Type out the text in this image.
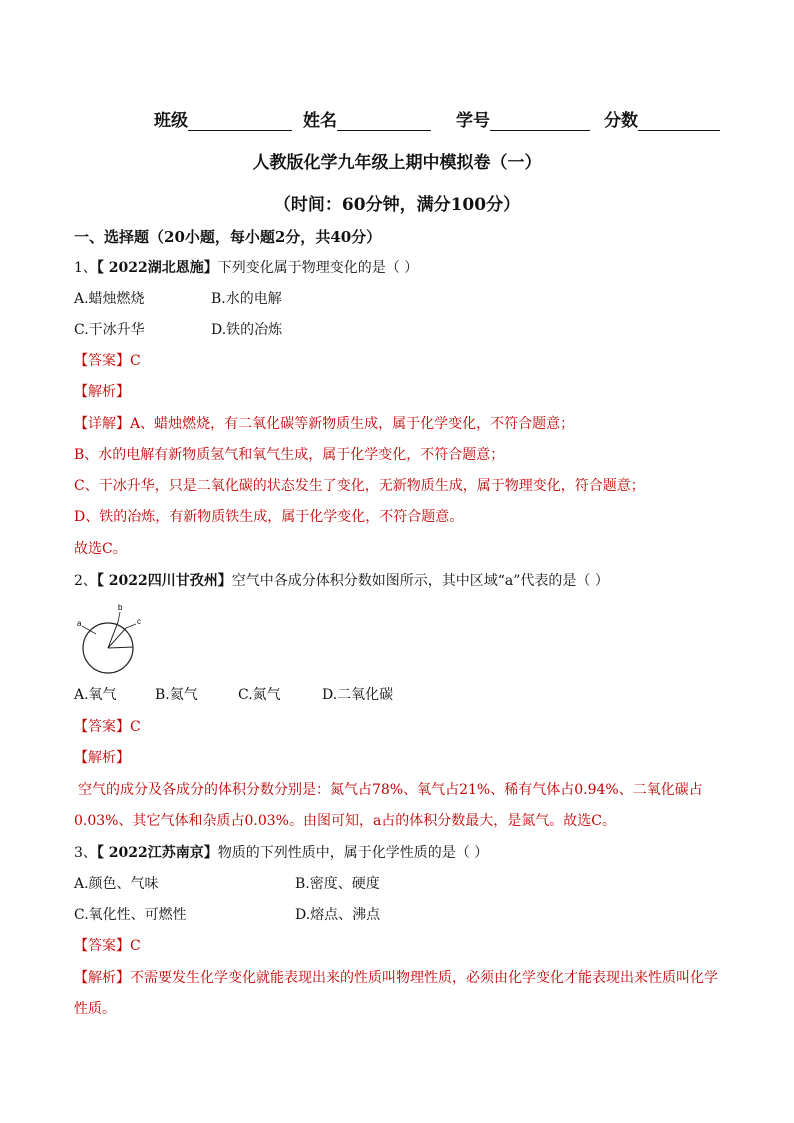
班级	姓名	学号	分数
人教版化学九年级上期中模拟卷（一）
（时间：60分钟，满分100分）
一、选择题（20小题，每小题2分，共40分）
1、【 2022湖北恩施】下列变化属于物理变化的是（ ）
A.蜡烛燃烧	B.水的电解
C.干冰升华	D.铁的冶炼
【答案】C
【解析】
【详解】A、蜡烛燃烧，有二氧化碳等新物质生成，属于化学变化，不符合题意；
B、水的电解有新物质氢气和氧气生成，属于化学变化，不符合题意；
C、干冰升华，只是二氧化碳的状态发生了变化，无新物质生成，属于物理变化，符合题意；
D、铁的冶炼，有新物质铁生成，属于化学变化，不符合题意。
故选C。
2、【 2022四川甘孜州】空气中各成分体积分数如图所示，其中区域“a”代表的是（ ）
a
b
c
A.氧气	B.氦气	C.氮气	D.二氧化碳
【答案】C
【解析】
空气的成分及各成分的体积分数分别是：氮气占78%、氧气占21%、稀有气体占0.94%、二氧化碳占
0.03%、其它气体和杂质占0.03%。由图可知，a占的体积分数最大，是氮气。故选C。
3、【 2022江苏南京】物质的下列性质中，属于化学性质的是（ ）
A.颜色、气味	B.密度、硬度
C.氧化性、可燃性	D.熔点、沸点
【答案】C
【解析】不需要发生化学变化就能表现出来的性质叫物理性质，必须由化学变化才能表现出来性质叫化学
性质。
